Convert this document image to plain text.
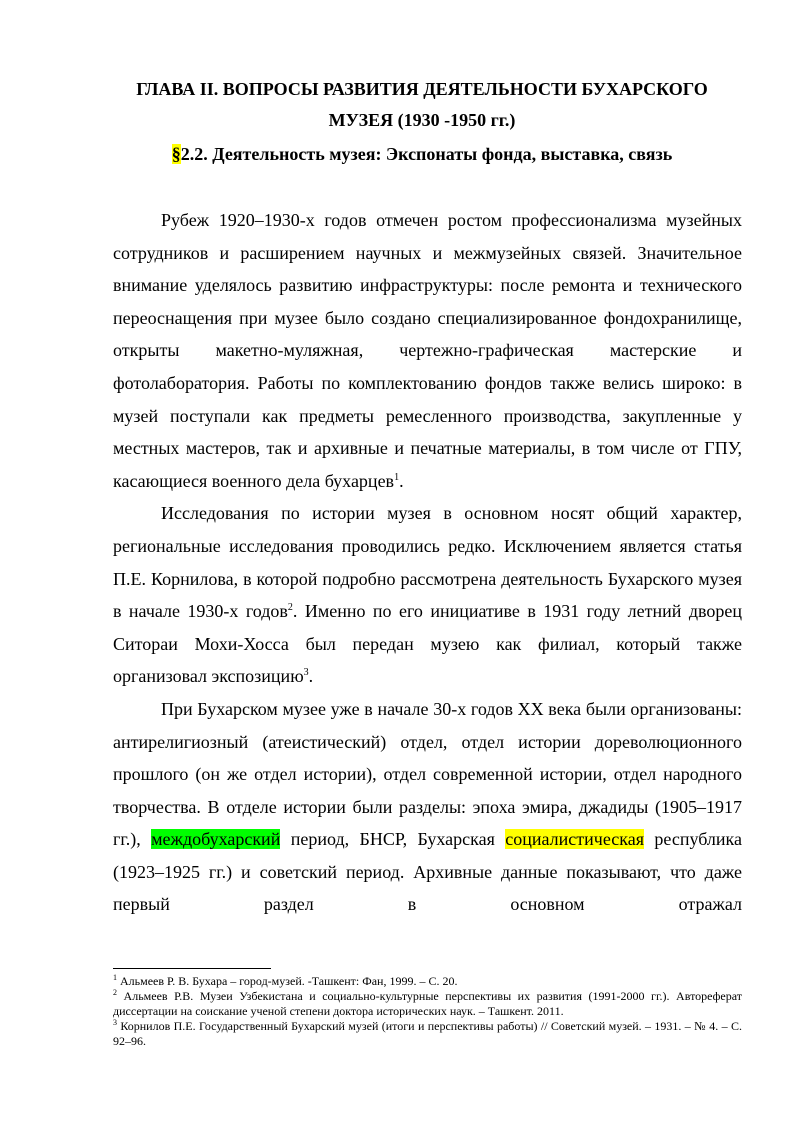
ГЛАВА II. ВОПРОСЫ РАЗВИТИЯ ДЕЯТЕЛЬНОСТИ БУХАРСКОГО
МУЗЕЯ (1930 -1950 гг.)
§2.2. Деятельность музея: Экспонаты фонда, выставка, связь

Рубеж 1920–1930-х годов отмечен ростом профессионализма музейных сотрудников и расширением научных и межмузейных связей. Значительное внимание уделялось развитию инфраструктуры: после ремонта и технического переоснащения при музее было создано специализированное фондохранилище, открыты макетно-муляжная, чертежно-графическая мастерские и фотолаборатория. Работы по комплектованию фондов также велись широко: в музей поступали как предметы ремесленного производства, закупленные у местных мастеров, так и архивные и печатные материалы, в том числе от ГПУ, касающиеся военного дела бухарцев$^1$.

Исследования по истории музея в основном носят общий характер, региональные исследования проводились редко. Исключением является статья П.Е. Корнилова, в которой подробно рассмотрена деятельность Бухарского музея в начале 1930-х годов$^2$. Именно по его инициативе в 1931 году летний дворец Ситораи Мохи-Хосса был передан музею как филиал, который также организовал экспозицию$^3$.

При Бухарском музее уже в начале 30-х годов XX века были организованы: антирелигиозный (атеистический) отдел, отдел истории дореволюционного прошлого (он же отдел истории), отдел современной истории, отдел народного творчества. В отделе истории были разделы: эпоха эмира, джадиды (1905–1917 гг.), междобухарский период, БНСР, Бухарская социалистическая республика (1923–1925 гг.) и советский период. Архивные данные показывают, что даже первый раздел в основном отражал

$^1$ Альмеев Р. В. Бухара – город-музей. -Ташкент: Фан, 1999. – С. 20.

$^2$ Альмеев Р.В. Музеи Узбекистана и социально-культурные перспективы их развития (1991-2000 гг.). Автореферат диссертации на соискание ученой степени доктора исторических наук. – Ташкент. 2011.

$^3$ Корнилов П.Е. Государственный Бухарский музей (итоги и перспективы работы) // Советский музей. – 1931. – № 4. – С. 92–96.
